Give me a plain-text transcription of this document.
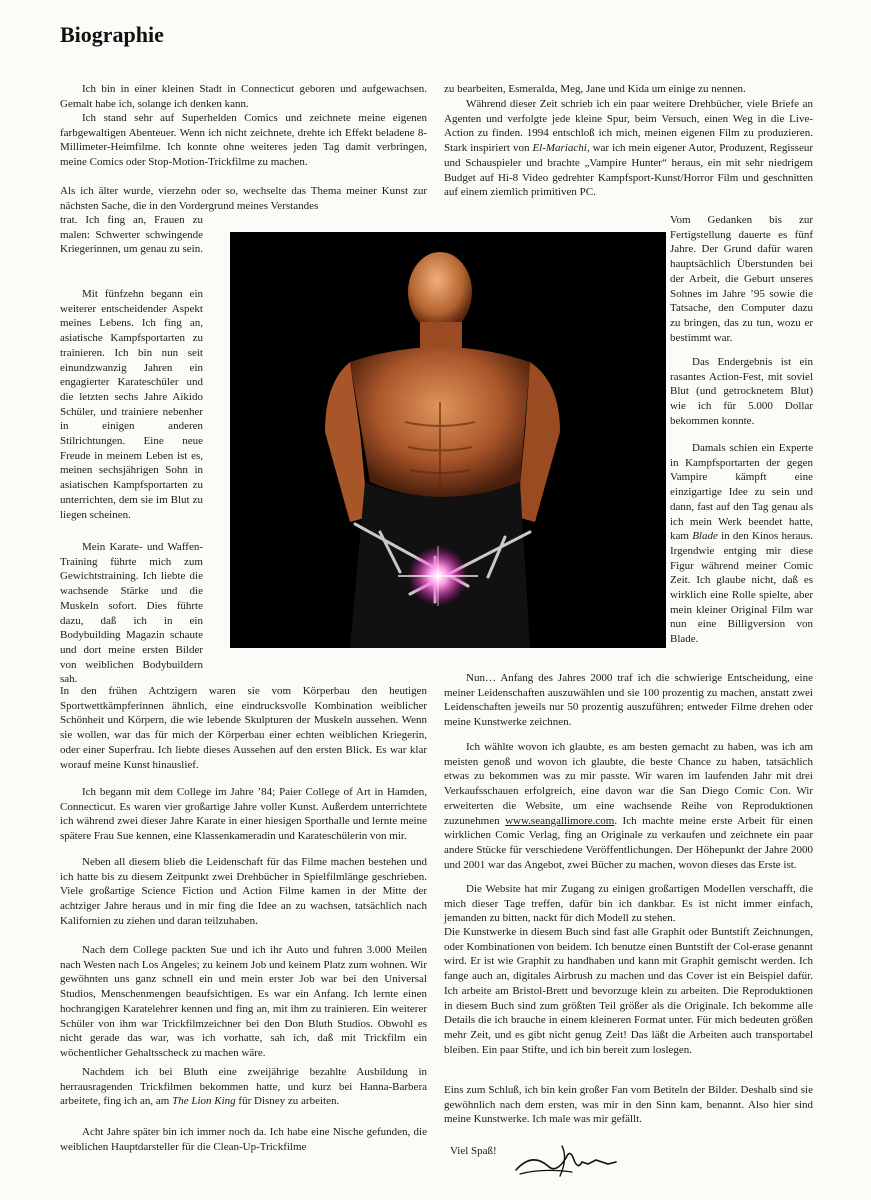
Biographie

Ich bin in einer kleinen Stadt in Connecticut geboren und aufgewachsen. Gemalt habe ich, solange ich denken kann.

Ich stand sehr auf Superhelden Comics und zeichnete meine eigenen farbgewaltigen Abenteuer. Wenn ich nicht zeichnete, drehte ich Effekt beladene 8-Millimeter-Heimfilme. Ich konnte ohne weiteres jeden Tag damit verbringen, meine Comics oder Stop-Motion-Trickfilme zu machen.

Als ich älter wurde, vierzehn oder so, wechselte das Thema meiner Kunst zur nächsten Sache, die in den Vordergrund meines Verstandes

trat. Ich fing an, Frauen zu malen: Schwerter schwingende Kriegerinnen, um genau zu sein.

Mit fünfzehn begann ein weiterer entscheidender Aspekt meines Lebens. Ich fing an, asiatische Kampfsportarten zu trainieren. Ich bin nun seit einundzwanzig Jahren ein engagierter Karateschüler und die letzten sechs Jahre Aikido Schüler, und trainiere nebenher in einigen anderen Stilrichtungen. Eine neue Freude in meinem Leben ist es, meinen sechsjährigen Sohn in asiatischen Kampfsportarten zu unterrichten, dem sie im Blut zu liegen scheinen.

Mein Karate- und Waffen- Training führte mich zum Gewichtstraining. Ich liebte die wachsende Stärke und die Muskeln sofort. Dies führte dazu, daß ich in ein Bodybuilding Magazin schaute und dort meine ersten Bilder von weiblichen Bodybuildern sah.

In den frühen Achtzigern waren sie vom Körperbau den heutigen Sportwettkämpferinnen ähnlich, eine eindrucksvolle Kombination weiblicher Schönheit und Körpern, die wie lebende Skulpturen der Muskeln aussehen. Wenn sie wollen, war das für mich der Körperbau einer echten weiblichen Kriegerin, oder einer Superfrau. Ich liebte dieses Aussehen auf den ersten Blick. Es war klar worauf meine Kunst hinauslief.

Ich begann mit dem College im Jahre ’84; Paier College of Art in Hamden, Connecticut. Es waren vier großartige Jahre voller Kunst. Außerdem unterrichtete ich während zwei dieser Jahre Karate in einer hiesigen Sporthalle und lernte meine spätere Frau Sue kennen, eine Klassenkameradin und Karateschülerin von mir.

Neben all diesem blieb die Leidenschaft für das Filme machen bestehen und ich hatte bis zu diesem Zeitpunkt zwei Drehbücher in Spielfilmlänge geschrieben. Viele großartige Science Fiction und Action Filme kamen in der Mitte der achtziger Jahre heraus und in mir fing die Idee an zu wachsen, tatsächlich nach Kalifornien zu ziehen und daran teilzuhaben.

Nach dem College packten Sue und ich ihr Auto und fuhren 3.000 Meilen nach Westen nach Los Angeles; zu keinem Job und keinem Platz zum wohnen. Wir gewöhnten uns ganz schnell ein und mein erster Job war bei den Universal Studios, Menschenmengen beaufsichtigen. Es war ein Anfang. Ich lernte einen hochrangigen Karatelehrer kennen und fing an, mit ihm zu trainieren. Ein weiterer Schüler von ihm war Trickfilmzeichner bei den Don Bluth Studios. Obwohl es nicht gerade das war, was ich vorhatte, sah ich, daß mit Trickfilm ein wöchentlicher Gehaltsscheck zu machen wäre.

Nachdem ich bei Bluth eine zweijährige bezahlte Ausbildung in herrausragenden Trickfilmen bekommen hatte, und kurz bei Hanna-Barbera arbeitete, fing ich an, am The Lion King für Disney zu arbeiten.

Acht Jahre später bin ich immer noch da. Ich habe eine Nische gefunden, die weiblichen Hauptdarsteller für die Clean-Up-Trickfilme

zu bearbeiten, Esmeralda, Meg, Jane und Kida um einige zu nennen.

Während dieser Zeit schrieb ich ein paar weitere Drehbücher, viele Briefe an Agenten und verfolgte jede kleine Spur, beim Versuch, einen Weg in die Live-Action zu finden. 1994 entschloß ich mich, meinen eigenen Film zu produzieren. Stark inspiriert von El-Mariachi, war ich mein eigener Autor, Produzent, Regisseur und Schauspieler und brachte „Vampire Hunter“ heraus, ein mit sehr niedrigem Budget auf Hi-8 Video gedrehter Kampfsport-Kunst/Horror Film und geschnitten auf einem ziemlich primitiven PC.

Vom Gedanken bis zur Fertigstellung dauerte es fünf Jahre. Der Grund dafür waren hauptsächlich Überstunden bei der Arbeit, die Geburt unseres Sohnes im Jahre ’95 sowie die Tatsache, den Computer dazu zu bringen, das zu tun, wozu er bestimmt war.

Das Endergebnis ist ein rasantes Action-Fest, mit soviel Blut (und getrocknetem Blut) wie ich für 5.000 Dollar bekommen konnte.

Damals schien ein Experte in Kampfsportarten der gegen Vampire kämpft eine einzigartige Idee zu sein und dann, fast auf den Tag genau als ich mein Werk beendet hatte, kam Blade in den Kinos heraus. Irgendwie entging mir diese Figur während meiner Comic Zeit. Ich glaube nicht, daß es wirklich eine Rolle spielte, aber mein kleiner Original Film war nun eine Billigversion von Blade.

Nun… Anfang des Jahres 2000 traf ich die schwierige Entscheidung, eine meiner Leidenschaften auszuwählen und sie 100 prozentig zu machen, anstatt zwei Leidenschaften jeweils nur 50 prozentig auszuführen; entweder Filme drehen oder meine Kunstwerke zeichnen.

Ich wählte wovon ich glaubte, es am besten gemacht zu haben, was ich am meisten genoß und wovon ich glaubte, die beste Chance zu haben, tatsächlich etwas zu bekommen was zu mir passte. Wir waren im laufenden Jahr mit drei Verkaufsschauen erfolgreich, eine davon war die San Diego Comic Con. Wir erweiterten die Website, um eine wachsende Reihe von Reproduktionen zuzunehmen www.seangallimore.com. Ich machte meine erste Arbeit für einen wirklichen Comic Verlag, fing an Originale zu verkaufen und zeichnete ein paar andere Stücke für verschiedene Veröffentlichungen. Der Höhepunkt der Jahre 2000 und 2001 war das Angebot, zwei Bücher zu machen, wovon dieses das Erste ist.

Die Website hat mir Zugang zu einigen großartigen Modellen verschafft, die mich dieser Tage treffen, dafür bin ich dankbar. Es ist nicht immer einfach, jemanden zu bitten, nackt für dich Modell zu stehen.

Die Kunstwerke in diesem Buch sind fast alle Graphit oder Buntstift Zeichnungen, oder Kombinationen von beidem. Ich benutze einen Buntstift der Col-erase genannt wird. Er ist wie Graphit zu handhaben und kann mit Graphit gemischt werden. Ich fange auch an, digitales Airbrush zu machen und das Cover ist ein Beispiel dafür. Ich arbeite am Bristol-Brett und bevorzuge klein zu arbeiten. Die Reproduktionen in diesem Buch sind zum größten Teil größer als die Originale. Ich bekomme alle Details die ich brauche in einem kleineren Format unter. Für mich bedeuten größen mehr Zeit, und es gibt nicht genug Zeit! Das läßt die Arbeiten auch transportabel bleiben. Ein paar Stifte, und ich bin bereit zum loslegen.

Eins zum Schluß, ich bin kein großer Fan vom Betiteln der Bilder. Deshalb sind sie gewöhnlich nach dem ersten, was mir in den Sinn kam, benannt. Also hier sind meine Kunstwerke. Ich male was mir gefällt.

Viel Spaß!
